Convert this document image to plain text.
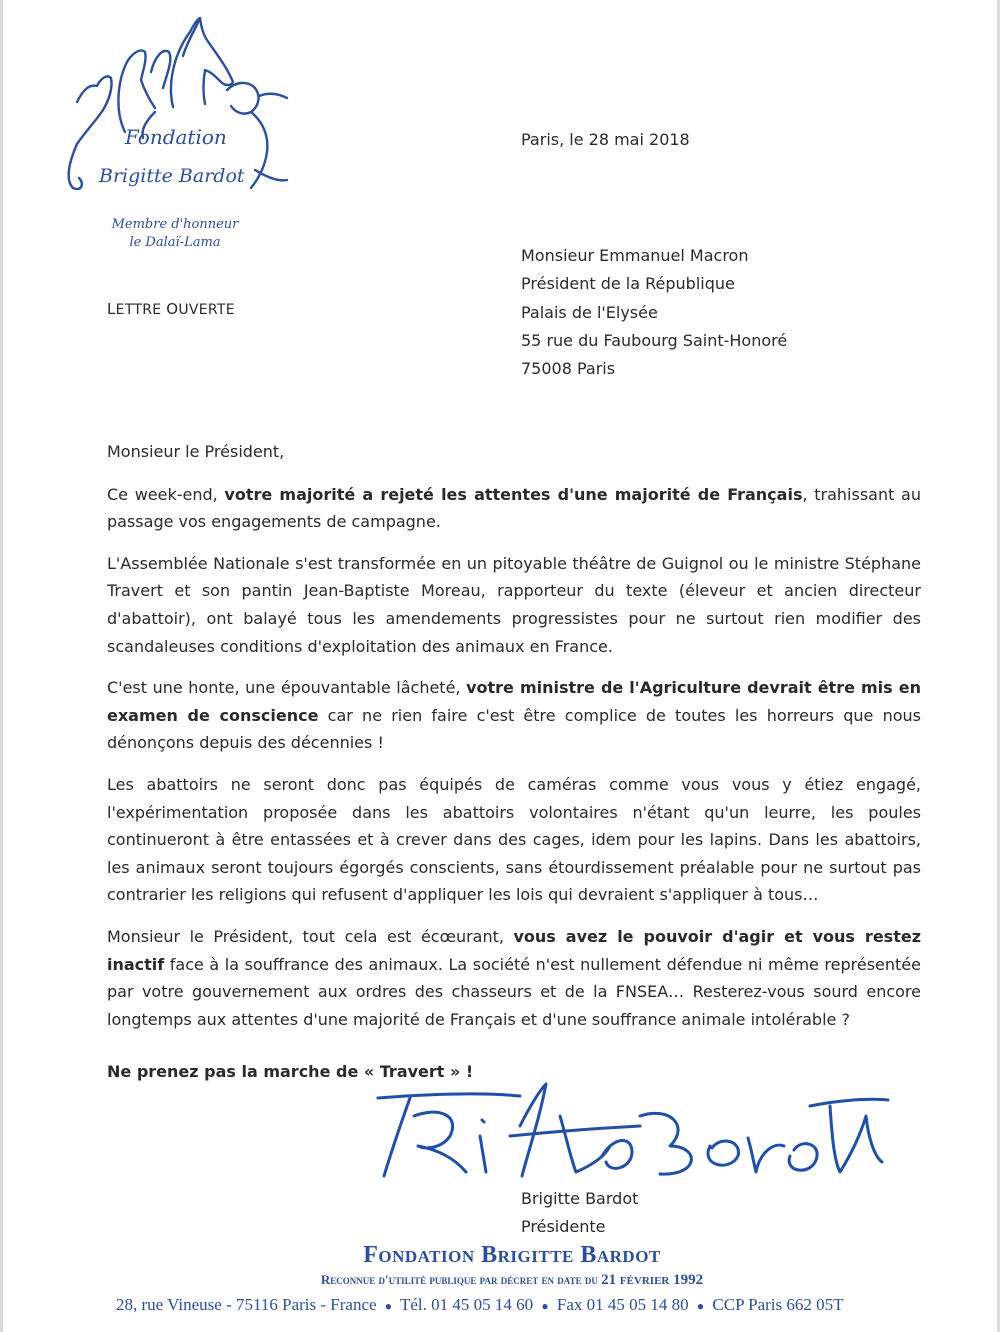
Fondation
Brigitte Bardot
Membre d'honneur
le Dalaï-Lama
Paris, le 28 mai 2018
LETTRE OUVERTE
Monsieur Emmanuel Macron
Président de la République
Palais de l'Elysée
55 rue du Faubourg Saint-Honoré
75008 Paris

Monsieur le Président,

Ce week-end, votre majorité a rejeté les attentes d'une majorité de Français, trahissant au passage vos engagements de campagne.

L'Assemblée Nationale s'est transformée en un pitoyable théâtre de Guignol ou le ministre Stéphane Travert et son pantin Jean-Baptiste Moreau, rapporteur du texte (éleveur et ancien directeur d'abattoir), ont balayé tous les amendements progressistes pour ne surtout rien modifier des scandaleuses conditions d'exploitation des animaux en France.

C'est une honte, une épouvantable lâcheté, votre ministre de l'Agriculture devrait être mis en examen de conscience car ne rien faire c'est être complice de toutes les horreurs que nous dénonçons depuis des décennies !

Les abattoirs ne seront donc pas équipés de caméras comme vous vous y étiez engagé, l'expérimentation proposée dans les abattoirs volontaires n'étant qu'un leurre, les poules continueront à être entassées et à crever dans des cages, idem pour les lapins. Dans les abattoirs, les animaux seront toujours égorgés conscients, sans étourdissement préalable pour ne surtout pas contrarier les religions qui refusent d'appliquer les lois qui devraient s'appliquer à tous…

Monsieur le Président, tout cela est écœurant, vous avez le pouvoir d'agir et vous restez inactif face à la souffrance des animaux. La société n'est nullement défendue ni même représentée par votre gouvernement aux ordres des chasseurs et de la FNSEA… Resterez-vous sourd encore longtemps aux attentes d'une majorité de Français et d'une souffrance animale intolérable ?

Ne prenez pas la marche de « Travert » !
Brigitte Bardot
Présidente
Fondation Brigitte Bardot
Reconnue d'utilité publique par décret en date du 21 février 1992
28, rue Vineuse - 75116 Paris - France ● Tél. 01 45 05 14 60 ● Fax 01 45 05 14 80 ● CCP Paris 662 05T
